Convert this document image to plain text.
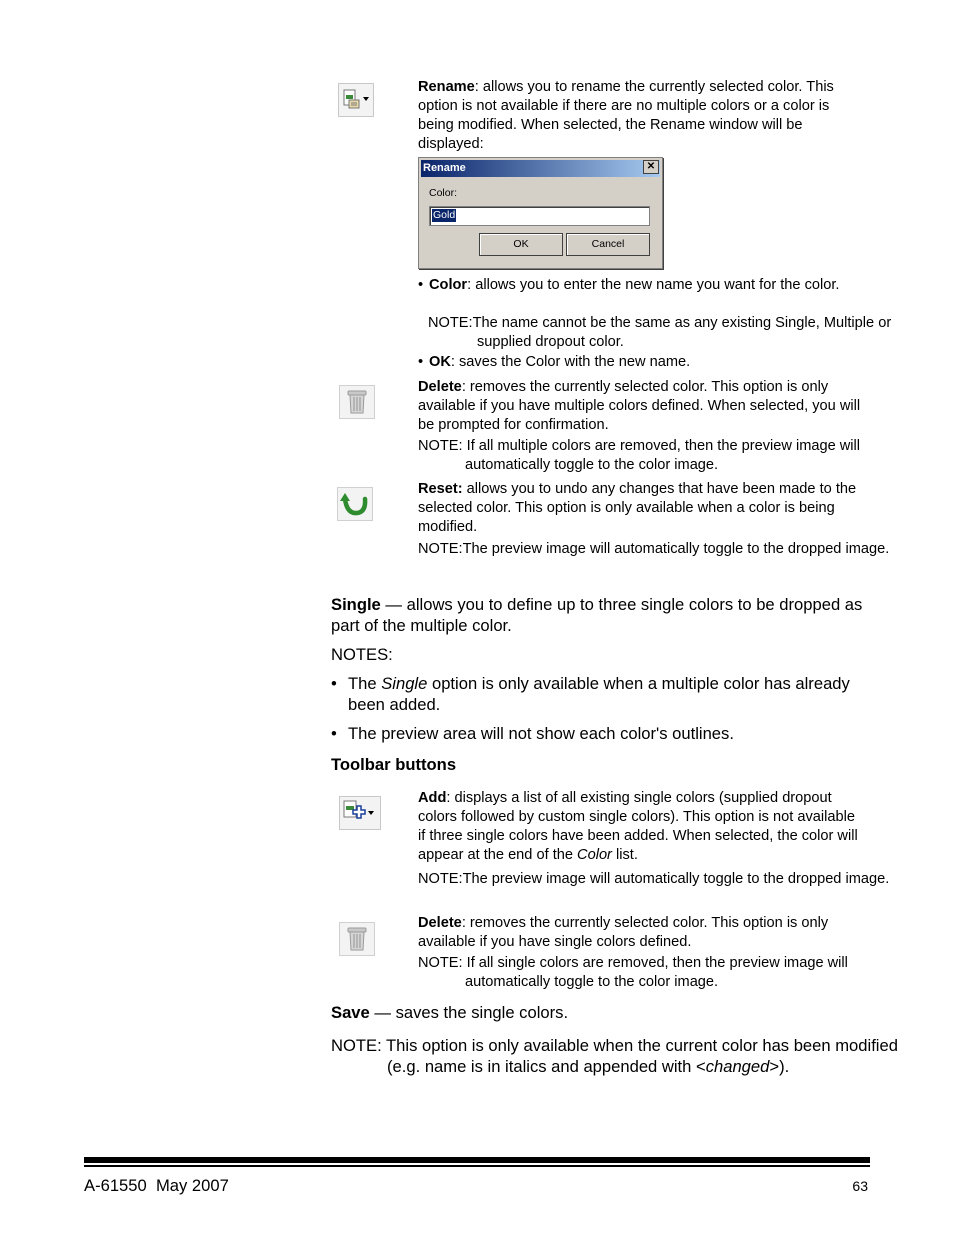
Rename: allows you to rename the currently selected color. This option is not available if there are no multiple colors or a color is being modified. When selected, the Rename window will be displayed:
Rename	✕
Color:
Gold
OK	Cancel
• Color: allows you to enter the new name you want for the color.
NOTE:The name cannot be the same as any existing Single, Multiple or supplied dropout color.
• OK: saves the Color with the new name.
Delete: removes the currently selected color. This option is only available if you have multiple colors defined. When selected, you will be prompted for confirmation.
NOTE: If all multiple colors are removed, then the preview image will automatically toggle to the color image.
Reset: allows you to undo any changes that have been made to the selected color. This option is only available when a color is being modified.
NOTE:The preview image will automatically toggle to the dropped image.
Single — allows you to define up to three single colors to be dropped as part of the multiple color.
NOTES:
• The Single option is only available when a multiple color has already been added.
• The preview area will not show each color's outlines.
Toolbar buttons
Add: displays a list of all existing single colors (supplied dropout colors followed by custom single colors). This option is not available if three single colors have been added. When selected, the color will appear at the end of the Color list.
NOTE:The preview image will automatically toggle to the dropped image.
Delete: removes the currently selected color. This option is only available if you have single colors defined.
NOTE: If all single colors are removed, then the preview image will automatically toggle to the color image.
Save — saves the single colors.
NOTE: This option is only available when the current color has been modified (e.g. name is in italics and appended with <changed>).
A-61550  May 2007	63
